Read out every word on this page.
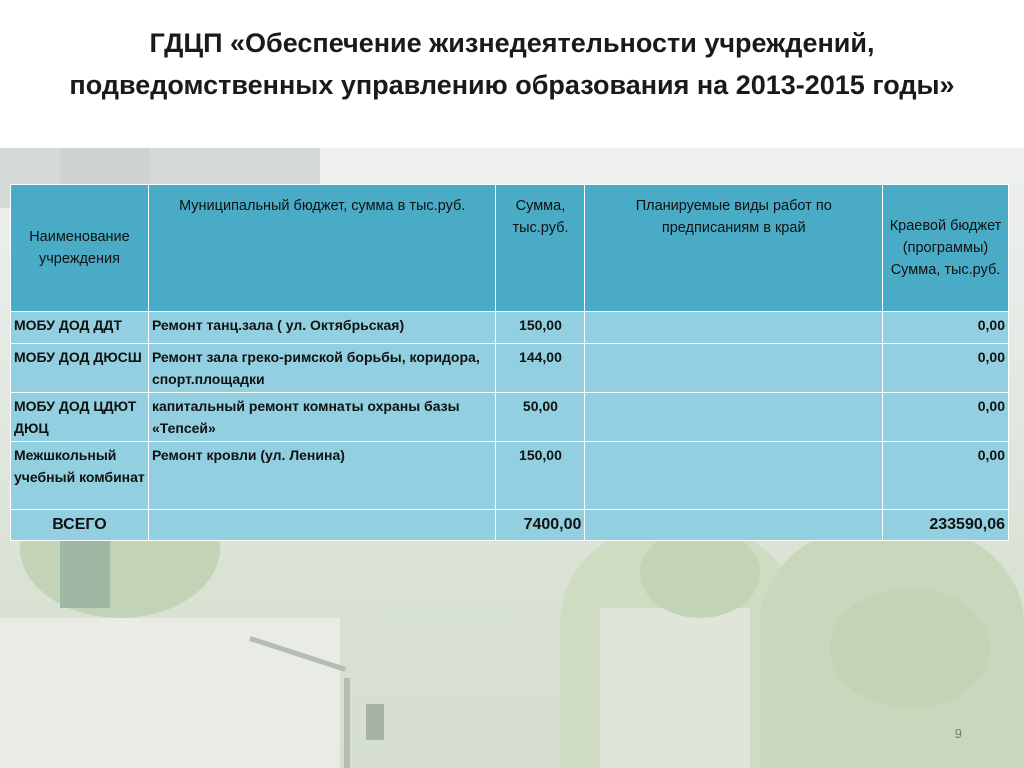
ГДЦП «Обеспечение жизнедеятельности учреждений,
подведомственных управлению образования на 2013-2015 годы»
Наименование учреждения	Муниципальный бюджет, сумма в тыс.руб.	Сумма, тыс.руб.	Планируемые виды работ по предписаниям в край	Краевой бюджет (программы) Сумма, тыс.руб.
МОБУ ДОД ДДТ	Ремонт танц.зала ( ул. Октябрьская)	150,00		0,00
МОБУ ДОД ДЮСШ	Ремонт зала греко-римской борьбы, коридора, спорт.площадки	144,00		0,00
МОБУ ДОД ЦДЮТ ДЮЦ	капитальный ремонт комнаты охраны базы «Тепсей»	50,00		0,00
Межшкольный учебный комбинат	Ремонт кровли (ул. Ленина)	150,00		0,00
ВСЕГО		7400,00		233590,06
9
